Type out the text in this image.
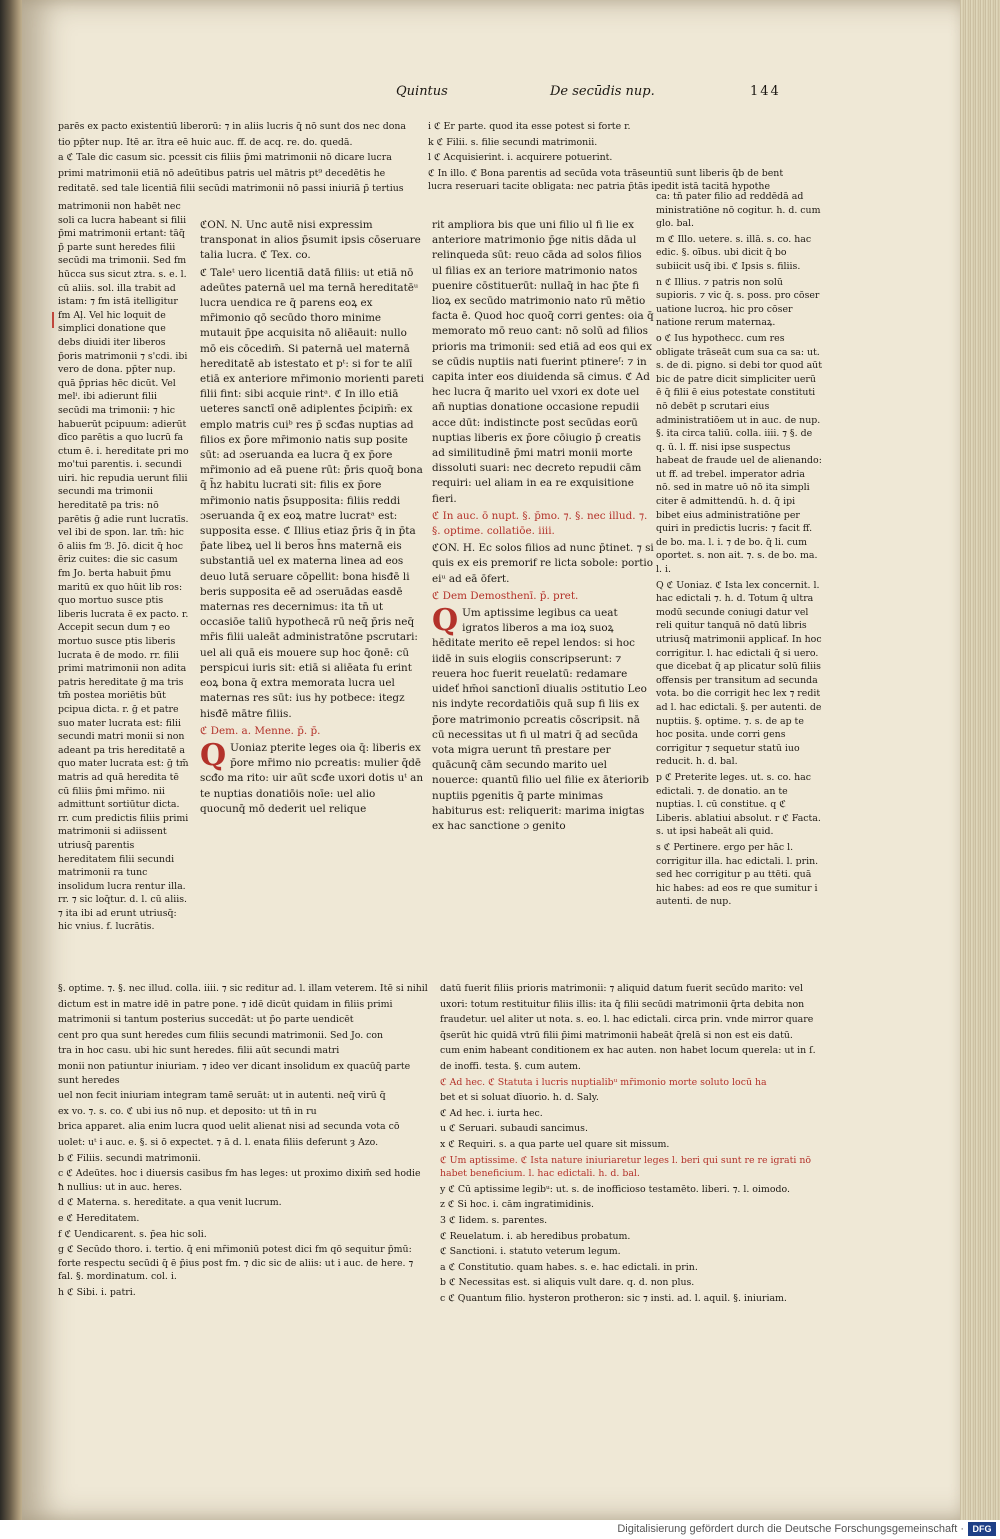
Quintus	De secūdis nup.	144

parēs ex pacto existentiū liberorū: ⁊ in aliis lucris q̄ nō sunt dos nec dona

tio pp̄ter nup. Itē ar. ītra eē huic auc. ff. de acq. re. do. quedā.

a ℭ Tale dic casum sic. pcessit cis filiis p̄mi matrimonii nō dicare lucra

primi matrimonii etiā nō adeūtibus patris uel mātris pt⁹ decedētis he

reditatē. sed tale licentiā filii secūdi matrimonii nō passi iniuriā p̄ tertius

matrimonii non habēt nec soli ca lucra habeant si filii p̄mi matrimonii ertant: tāq̄ p̄ parte sunt heredes filii secūdi ma trimonii. Sed fm hūcca sus sicut ztra. s. e. l. cū aliis. sol. illa trabit ad istam: ⁊ fm istā itelligitur fm Aļ. Vel hic loquit de simplici donatione que debs diuidi iter liberos p̄oris matrimonii ⁊ s'cdi. ibi vero de dona. pp̄ter nup. quā p̄prias hēc dicūt. Vel melⁱ. ibi adierunt filii secūdi ma trimonii: ⁊ hic habuerūt pcipuum: adierūt dīco parētis a quo lucrū fa ctum ē. i. hereditate pri mo mo'tui parentis. i. secundi uiri. hic repudia uerunt filii secundi ma trimonii hereditatē pa tris: nō parētis ḡ adie runt lucratīs. vel ibi de spon. lar. tm̄: hic ō aliis fm ℬ. Jō. dicit q̄ hoc ēriz cuites: die sic casum fm Jo. berta habuit p̄mu maritū ex quo hūit lib ros: quo mortuo susce ptis liberis lucrata ē ex pacto. r. Accepit secun dum ⁊ eo mortuo susce ptis liberis lucrata ē de modo. rr. filii primi matrimonii non adita patris hereditate ḡ ma tris tm̄ postea moriētis būt pcipua dicta. r. ḡ et patre suo mater lucrata est: filii secundi matri monii si non adeant pa tris hereditatē a quo mater lucrata est: ḡ tm̄ matris ad quā heredita tē cū filiis p̄mi mr̄imo. nii admittunt sortiūtur dicta. rr. cum predictis filiis primi matrimonii si adiissent utriusq̄ parentis hereditatem filii secundi matrimonii ra tunc insolidum lucra rentur illa. rr. ⁊ sic loq̄tur. d. l. cū aliis. ⁊ ita ibi ad erunt utriusq̄: hic vnius. f. lucrātis.

ℭON. N. Unc autē nisi expressim transponat in alios p̄sumit ipsis cōseruare talia lucra. ℭ Tex. co.

ℭ Taleᵗ uero licentiā datā filiis: ut etiā nō adeūtes paternā uel ma ternā hereditatēᵘ lucra uendica re q̄ parens eoꝝ ex mr̄imonio qō secūdo thoro minime mutauit p̄pe acquisita nō aliēauit: nullo mō eis cōcedim̄. Si paternā uel maternā hereditatē ab istestato et pᵗ: si for te aliī etiā ex anteriore mr̄imonio morienti pareti filii fint: sibi acquie rintᵃ. ℭ In illo etiā ueteres sanctī onē adiplentes p̄cipim̄: ex emplo matris cuiᵇ res p̄ scđas nuptias ad filios ex p̄ore mr̄imonio natis sup posite sūt: ad ɔseruanda ea lucra q̄ ex p̄ore mr̄imonio ad eā puene rūt: p̄ris quoq̄ bona q̄ h̄z habitu lucrati sit: filis ex p̄ore mr̄imonio natis p̄supposita: filiis reddi ɔseruanda q̄ ex eoꝝ matre lucratᵃ est: supposita esse. ℭ Illius etiaz p̄ris q̄ in p̄ta p̄ate libeꝝ uel li beros h̄ns maternā eis substantiā uel ex materna linea ad eos deuo lutā seruare cōpellit: bona hisđē li beris supposita eē ad ɔseruādas easdē maternas res decernimus: ita tn̄ ut occasiōe taliū hypothecā rū neq̄ p̄ris neq̄ mr̄is filii ualeāt administratōne pscrutari: uel ali quā eis mouere sup hoc q̄onē: cū perspicui iuris sit: etiā si aliēata fu erint eoꝝ bona q̄ extra memorata lucra uel maternas res sūt: ius hy potbece: itegz hisđē mātre filiis.

ℭ Dem. a. Menne. p̄. p̄.

Q Uoniaz pterite leges oia q̄: liberis ex p̄ore mr̄imo nio pcreatis: mulier q̄dē scđo ma rito: uir aūt scđe uxori dotis uᵗ an te nuptias donatiōis noīe: uel alio quocunq̄ mō dederit uel relique

i ℭ Er parte. quod ita esse potest si forte r.

k ℭ Filii. s. filie secundi matrimonii.

l ℭ Acquisierint. i. acquirere potuerint.

ℭ In illo. ℭ Bona parentis ad secūda vota trāseuntiū sunt liberis q̄b de bent lucra reseruari tacite obligata: nec patria p̄tās ipedit istā tacitā hypothe

rit ampliora bis que uni filio ul fi lie ex anteriore matrimonio p̄ge nitis dāda ul relinqueda sūt: reuo cāda ad solos filios ul filias ex an teriore matrimonio natos puenire cōstituerūt: nullaq̄ in hac p̄te fi lioꝝ ex secūdo matrimonio nato rū mētio facta ē. Quod hoc quoq̄ corri gentes: oia q̄ memorato mō reuo cant: nō solū ad filios prioris ma trimonii: sed etiā ad eos qui ex se cūdis nuptiis nati fuerint ptinereᶠ: ⁊ in capita inter eos diuidenda sā cimus. ℭ Ad hec lucra q̄ marito uel vxori ex dote uel añ nuptias donatione occasione repudii acce dūt: indistincte post secūdas eorū nuptias liberis ex p̄ore cōiugio p̄ creatis ad similitudinē p̄mi matri monii morte dissoluti suari: nec decreto repudii cām requiri: uel aliam in ea re exquisitione fieri.

ℭ In auc. ō nupt. §. p̄mo. ⁊. §. nec illud. ⁊. §. optime. collatiōe. iiii.

ℭON. H. Ec solos filios ad nunc p̄tinet. ⁊ si quis ex eis premorif re licta sobole: portio eiᵘ ad eā ōfert.

ℭ Dem Demosthenī. p̄. pret.

Q Um aptissime legibus ca ueat igratos liberos a ma ioꝝ suoꝝ hēditate merito eē repel lendos: si hoc iidē in suis elogiis conscripserunt: ⁊ reuera hoc fuerit reuelatū: redamare uideť hm̄oi sanctionī diualis ɔstitutio Leo nis indyte recordatiōis quā sup fi liis ex p̄ore matrimonio pcreatis cōscripsit. nā cū necessitas ut fi ul matri q̄ ad secūda vota migra uerunt tn̄ prestare per quācunq̄ cām secundo marito uel nouerce: quantū filio uel filie ex āteriorib nuptiis pgenitis q̄ parte minimas habiturus est: reliquerit: marima inigtas ex hac sanctione ɔ genito

ca: tn̄ pater filio ad reddēdā ad ministratiōne nō cogitur. h. d. cum glo. bal.

m ℭ Illo. uetere. s. illā. s. co. hac edic. §. oībus. ubi dicit q̄ bo subiicit usq̄ ibi. ℭ Ipsis s. filiis.

n ℭ Illius. ⁊ patris non solū supioris. ⁊ vic q̄. s. poss. pro cōser uatione lucroꝝ. hic pro cōser natione rerum maternaꝝ.

o ℭ Ius hypothecc. cum res obligate trāseāt cum sua ca sa: ut. s. de di. pigno. si debi tor quod aūt bic de patre dicit simpliciter uerū ē q̄ filii ē eius potestate constituti nō debēt p scrutari eius administratiōem ut in auc. de nup. §. ita circa taliū. colla. iiii. ⁊ §. de q. ū. l. ff. nisi ipse suspectus habeat de fraude uel de alienando: ut ff. ad trebel. imperator adria nō. sed in matre uō nō ita simpli citer ē admittendū. h. d. q̄ ipi bibet eius administratiōne per quiri in predictis lucris: ⁊ facit ff. de bo. ma. l. i. ⁊ de bo. q̄ li. cum oportet. s. non ait. ⁊. s. de bo. ma. l. i.

Q ℭ Uoniaz. ℭ Ista lex concernit. l. hac edictali ⁊. h. d. Totum q̄ ultra modū secunde coniugi datur vel reli quitur tanquā nō datū libris utriusq̄ matrimonii applicaf. In hoc corrigitur. l. hac edictali q̄ si uero. que dicebat q̄ ap plicatur solū filiis offensis per transitum ad secunda vota. bo die corrigit hec lex ⁊ redit ad l. hac edictali. §. per autenti. de nuptiis. §. optime. ⁊. s. de ap te hoc posita. unde corri gens corrigitur ⁊ sequetur statū iuo reducit. h. d. bal.

p ℭ Preterite leges. ut. s. co. hac edictali. ⁊. de donatio. an te nuptias. l. cū constitue. q ℭ Liberis. ablatiui absolut. r ℭ Facta. s. ut ipsi habeāt ali quid.

s ℭ Pertinere. ergo per hāc l. corrigitur illa. hac edictali. l. prin. sed hec corrigitur p au ttēti. quā hic habes: ad eos re que sumitur i autenti. de nup.

§. optime. ⁊. §. nec illud. colla. iiii. ⁊ sic reditur ad. l. illam veterem. Itē si nihil

dictum est in matre idē in patre pone. ⁊ idē dicūt quidam in filiis primi

matrimonii si tantum posterius succedāt: ut p̄o parte uendicēt

cent pro qua sunt heredes cum filiis secundi matrimonii. Sed Jo. con

tra in hoc casu. ubi hic sunt heredes. filii aūt secundi matri

monii non patiuntur iniuriam. ⁊ ideo ver dicant insolidum ex quacūq̄ parte sunt heredes

uel non fecit iniuriam integram tamē seruāt: ut in autenti. neq̄ virū q̄

ex vo. ⁊. s. co. ℭ ubi ius nō nup. et deposito: ut tn̄ in ru

brica apparet. alia enim lucra quod uelit alienat nisi ad secunda vota cō

uolet: uᵗ i auc. e. §. si ō expectet. ⁊ ā d. l. enata filiis deferunt ȝ Azo.

b ℭ Filiis. secundi matrimonii.

c ℭ Adeūtes. hoc i diuersis casibus fm has leges: ut proximo dixim̄ sed hodie ħ nullius: ut in auc. heres.

d ℭ Materna. s. hereditate. a qua venit lucrum.

e ℭ Hereditatem.

f ℭ Uendicarent. s. p̄ea hic soli.

g ℭ Secūdo thoro. i. tertio. q̄ eni mr̄imoniū potest dici fm qō sequitur p̄mū: forte respectu secūdi q̄ ē p̄ius post fm. ⁊ dic sic de aliis: ut i auc. de here. ⁊ fal. §. mordinatum. col. i.

h ℭ Sibi. i. patri.

datū fuerit filiis prioris matrimonii: ⁊ aliquid datum fuerit secūdo marito: vel

uxori: totum restituitur filiis illis: ita q̄ filii secūdi matrimonii q̄rta debita non

fraudetur. uel aliter ut nota. s. eo. l. hac edictali. circa prin. vnde mirror quare

q̄serūt hic quidā vtrū filii p̄imi matrimonii habeāt q̄relā si non est eis datū.

cum enim habeant conditionem ex hac auten. non habet locum querela: ut in ſ.

de inoffi. testa. §. cum autem.

ℭ Ad hec. ℭ Statuta i lucris nuptialibᵘ mr̄imonio morte soluto locū ha

bet et si soluat dīuorio. h. d. Saly.

ℭ Ad hec. i. iurta hec.

u ℭ Seruari. subaudi sancimus.

x ℭ Requiri. s. a qua parte uel quare sit missum.

ℭ Um aptissime. ℭ Ista nature iniuriaretur leges l. beri qui sunt re re igrati nō habet beneficium. l. hac edictali. h. d. bal.

y ℭ Cū aptissime legibᵘ: ut. s. de inofficioso testamēto. liberi. ⁊. l. oimodo.

z ℭ Si hoc. i. cām ingratimidinis.

3 ℭ Iidem. s. parentes.

ℭ Reuelatum. i. ab heredibus probatum.

ℭ Sanctioni. i. statuto veterum legum.

a ℭ Constitutio. quam habes. s. e. hac edictali. in prin.

b ℭ Necessitas est. si aliquis vult dare. q. d. non plus.

c ℭ Quantum filio. hysteron protheron: sic ⁊ insti. ad. l. aquil. §. iniuriam.

Digitalisierung gefördert durch die Deutsche Forschungsgemeinschaft · DFG
